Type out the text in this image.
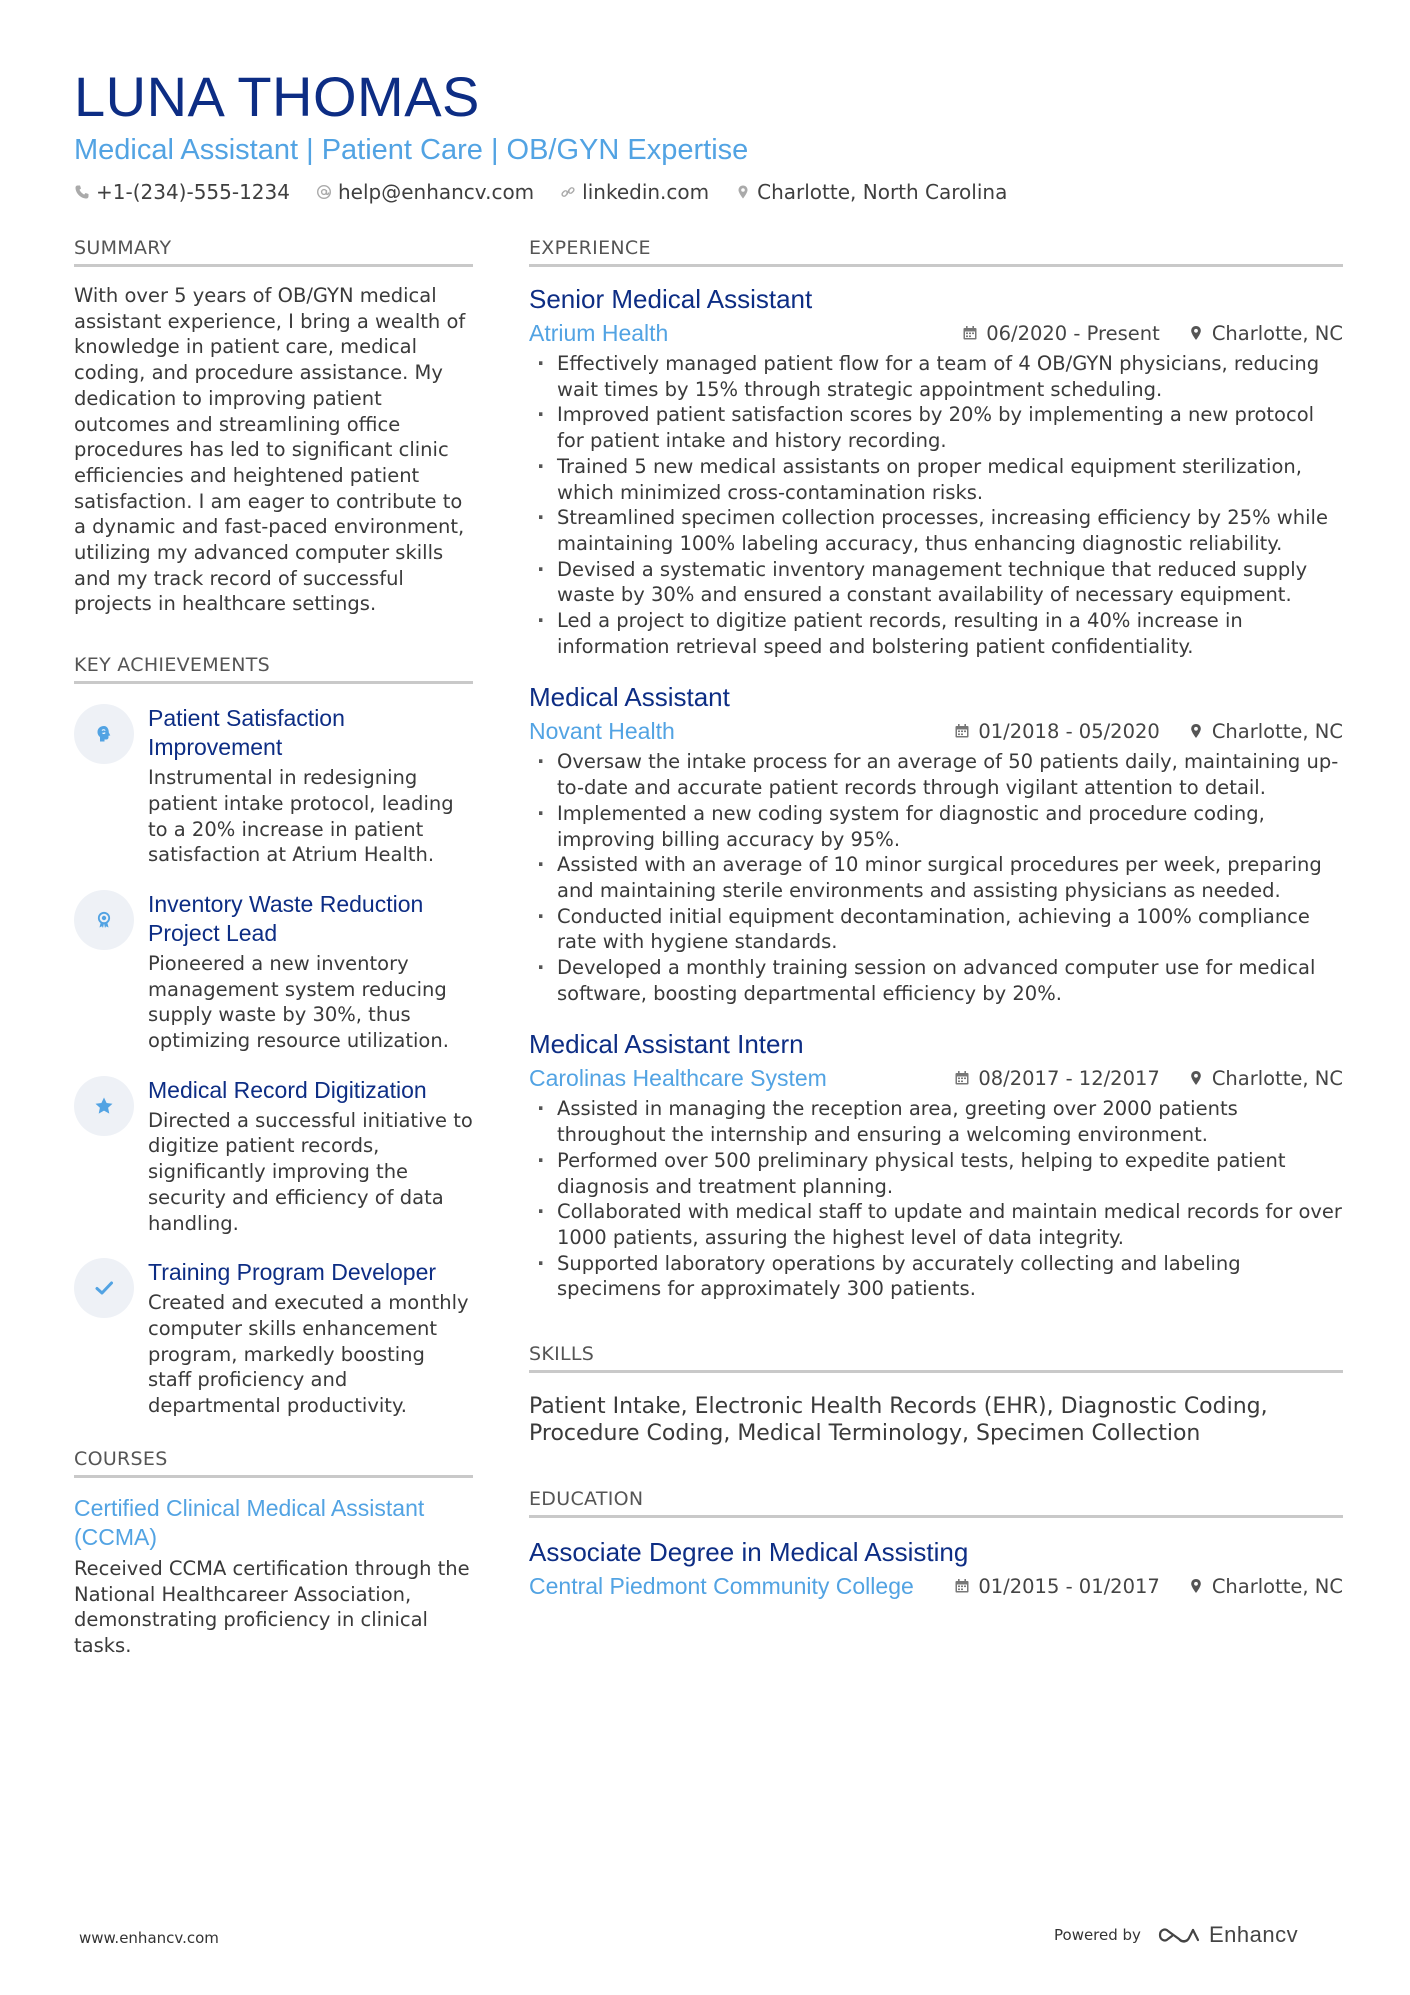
LUNA THOMAS
Medical Assistant | Patient Care | OB/GYN Expertise
+1-(234)-555-1234 help@enhancv.com linkedin.com Charlotte, North Carolina
SUMMARY
With over 5 years of OB/GYN medical assistant experience, I bring a wealth of knowledge in patient care, medical coding, and procedure assistance. My dedication to improving patient outcomes and streamlining office procedures has led to significant clinic efficiencies and heightened patient satisfaction. I am eager to contribute to a dynamic and fast-paced environment, utilizing my advanced computer skills and my track record of successful projects in healthcare settings.
KEY ACHIEVEMENTS
Patient Satisfaction Improvement
Instrumental in redesigning patient intake protocol, leading to a 20% increase in patient satisfaction at Atrium Health.
Inventory Waste Reduction Project Lead
Pioneered a new inventory management system reducing supply waste by 30%, thus optimizing resource utilization.
Medical Record Digitization
Directed a successful initiative to digitize patient records, significantly improving the security and efficiency of data handling.
Training Program Developer
Created and executed a monthly computer skills enhancement program, markedly boosting staff proficiency and departmental productivity.
COURSES
Certified Clinical Medical Assistant (CCMA)
Received CCMA certification through the National Healthcareer Association, demonstrating proficiency in clinical tasks.
EXPERIENCE
Senior Medical Assistant
Atrium Health	06/2020 - Present	Charlotte, NC
· Effectively managed patient flow for a team of 4 OB/GYN physicians, reducing wait times by 15% through strategic appointment scheduling.
· Improved patient satisfaction scores by 20% by implementing a new protocol for patient intake and history recording.
· Trained 5 new medical assistants on proper medical equipment sterilization, which minimized cross-contamination risks.
· Streamlined specimen collection processes, increasing efficiency by 25% while maintaining 100% labeling accuracy, thus enhancing diagnostic reliability.
· Devised a systematic inventory management technique that reduced supply waste by 30% and ensured a constant availability of necessary equipment.
· Led a project to digitize patient records, resulting in a 40% increase in information retrieval speed and bolstering patient confidentiality.
Medical Assistant
Novant Health	01/2018 - 05/2020	Charlotte, NC
· Oversaw the intake process for an average of 50 patients daily, maintaining up-to-date and accurate patient records through vigilant attention to detail.
· Implemented a new coding system for diagnostic and procedure coding, improving billing accuracy by 95%.
· Assisted with an average of 10 minor surgical procedures per week, preparing and maintaining sterile environments and assisting physicians as needed.
· Conducted initial equipment decontamination, achieving a 100% compliance rate with hygiene standards.
· Developed a monthly training session on advanced computer use for medical software, boosting departmental efficiency by 20%.
Medical Assistant Intern
Carolinas Healthcare System	08/2017 - 12/2017	Charlotte, NC
· Assisted in managing the reception area, greeting over 2000 patients throughout the internship and ensuring a welcoming environment.
· Performed over 500 preliminary physical tests, helping to expedite patient diagnosis and treatment planning.
· Collaborated with medical staff to update and maintain medical records for over 1000 patients, assuring the highest level of data integrity.
· Supported laboratory operations by accurately collecting and labeling specimens for approximately 300 patients.
SKILLS
Patient Intake, Electronic Health Records (EHR), Diagnostic Coding, Procedure Coding, Medical Terminology, Specimen Collection
EDUCATION
Associate Degree in Medical Assisting
Central Piedmont Community College	01/2015 - 01/2017	Charlotte, NC
www.enhancv.com	Powered by	Enhancv
